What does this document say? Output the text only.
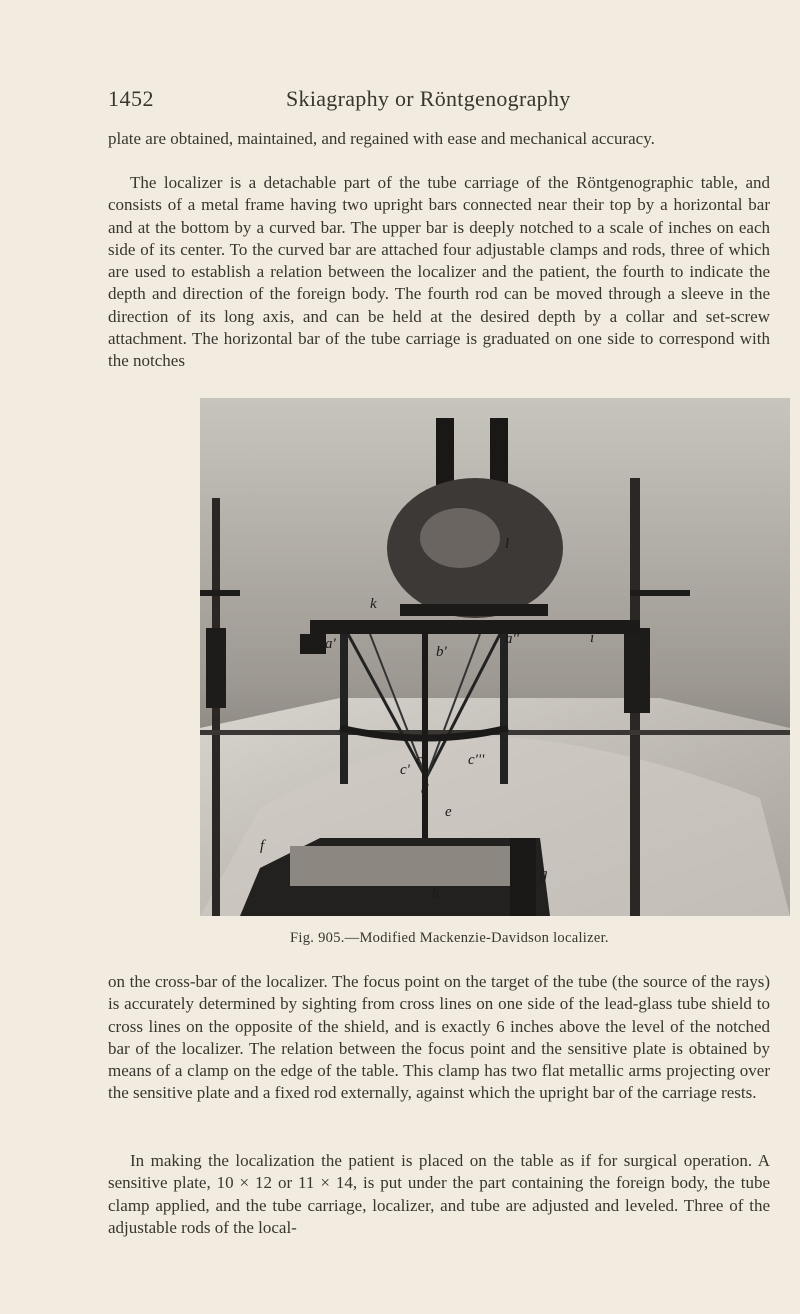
1452	Skiagraphy or Röntgenography

plate are obtained, maintained, and regained with ease and mechanical accuracy.

The localizer is a detachable part of the tube carriage of the Röntgenographic table, and consists of a metal frame having two upright bars connected near their top by a horizontal bar and at the bottom by a curved bar. The upper bar is deeply notched to a scale of inches on each side of its center. To the curved bar are attached four adjustable clamps and rods, three of which are used to establish a relation between the localizer and the patient, the fourth to indicate the depth and direction of the foreign body. The fourth rod can be moved through a sleeve in the direction of its long axis, and can be held at the desired depth by a collar and set-screw attachment. The horizontal bar of the tube carriage is graduated on one side to correspond with the notches

l
k
a'	b'
a''	i
c'
c	c'''
d
e
f
h
g
Fig. 905.—Modified Mackenzie-Davidson localizer.

on the cross-bar of the localizer. The focus point on the target of the tube (the source of the rays) is accurately determined by sighting from cross lines on one side of the lead-glass tube shield to cross lines on the opposite of the shield, and is exactly 6 inches above the level of the notched bar of the localizer. The relation between the focus point and the sensitive plate is obtained by means of a clamp on the edge of the table. This clamp has two flat metallic arms projecting over the sensitive plate and a fixed rod externally, against which the upright bar of the carriage rests.

In making the localization the patient is placed on the table as if for surgical operation. A sensitive plate, 10 × 12 or 11 × 14, is put under the part containing the foreign body, the tube clamp applied, and the tube carriage, localizer, and tube are adjusted and leveled. Three of the adjustable rods of the local-
